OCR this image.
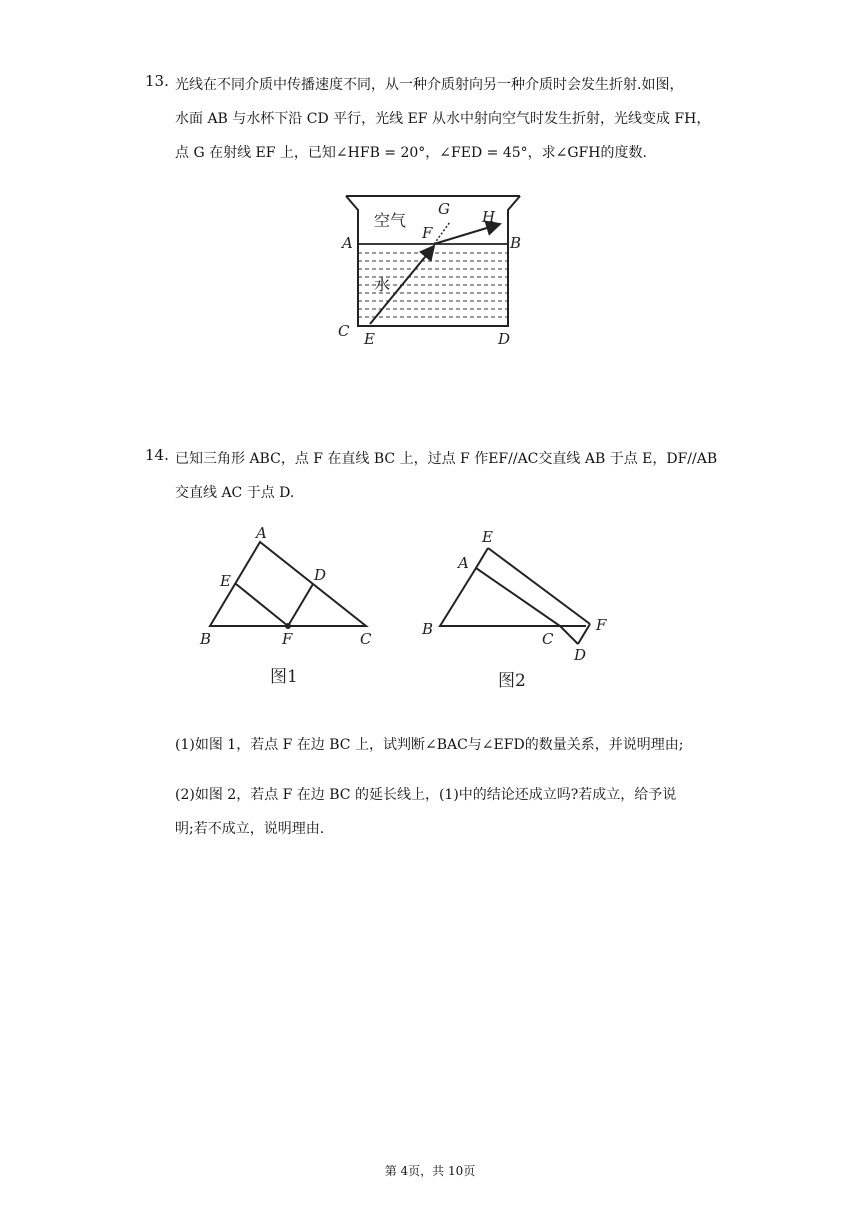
13. 光线在不同介质中传播速度不同，从一种介质射向另一种介质时会发生折射.如图，
水面 AB 与水杯下沿 CD 平行，光线 EF 从水中射向空气时发生折射，光线变成 FH，
点 G 在射线 EF 上，已知∠HFB = 20°，∠FED = 45°，求∠GFH的度数.
空气
水
A	B
C	D
E
F
G H
14. 已知三角形 ABC，点 F 在直线 BC 上，过点 F 作EF//AC交直线 AB 于点 E，DF//AB
交直线 AC 于点 D.
A
B	C
D
E
F
图1
E
A
B
C
F
D
图2
(1)如图 1，若点 F 在边 BC 上，试判断∠BAC与∠EFD的数量关系，并说明理由;
(2)如图 2，若点 F 在边 BC 的延长线上，(1)中的结论还成立吗?若成立，给予说
明;若不成立，说明理由.
第 4页，共 10页
